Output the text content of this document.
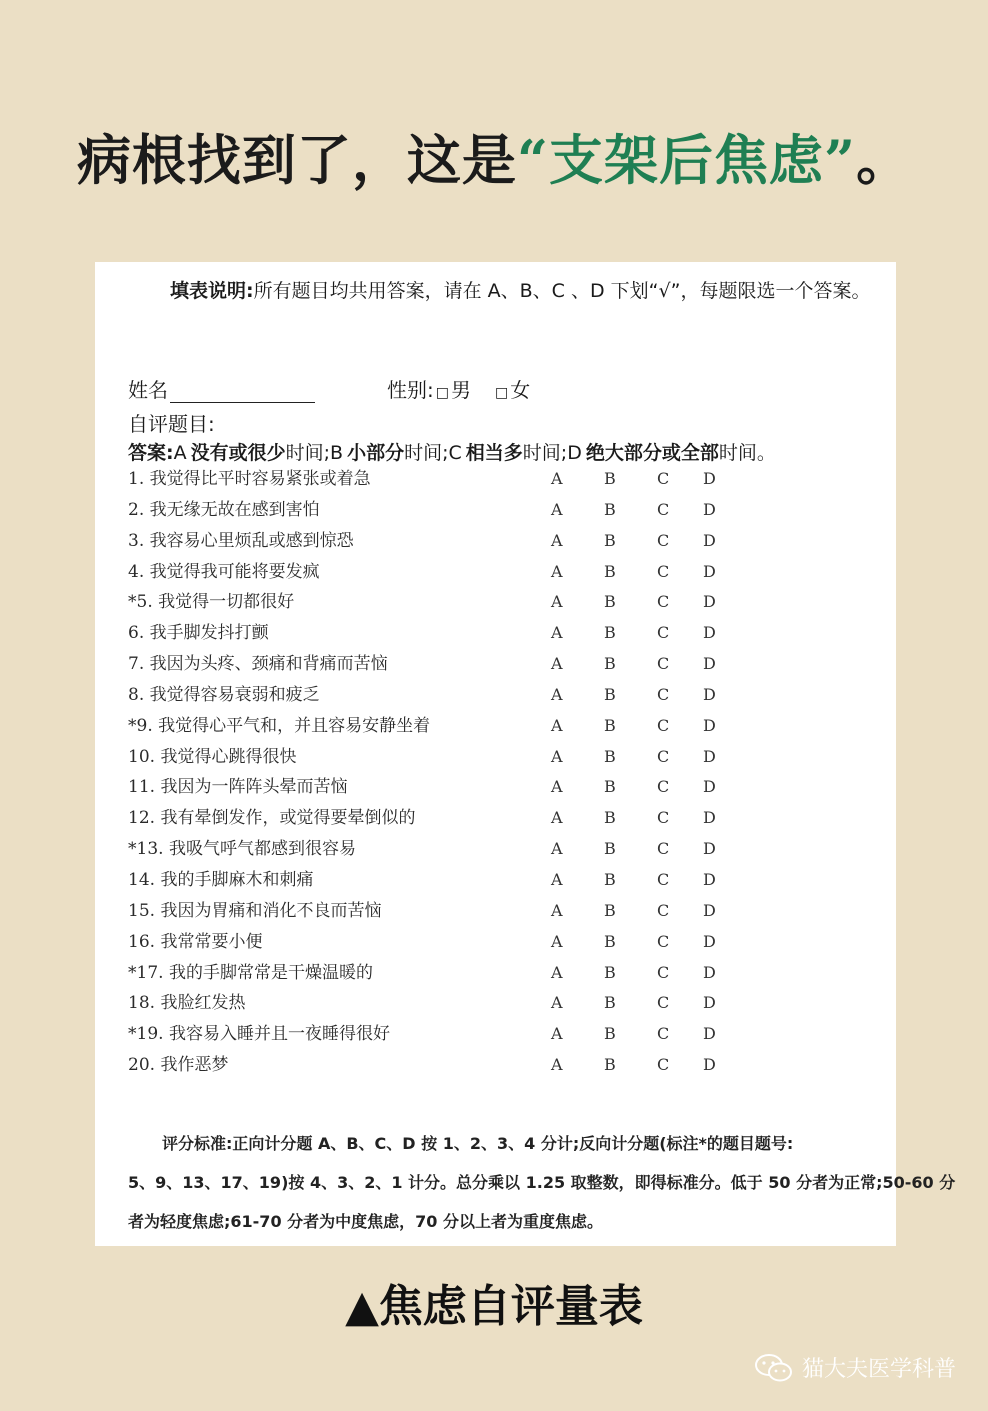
病根找到了，这是“支架后焦虑”。
填表说明:所有题目均共用答案，请在 A、B、C 、D 下划“√”，每题限选一个答案。
姓名	性别: □ 男 □ 女
自评题目:
答案:A 没有或很少时间;B 小部分时间;C 相当多时间;D 绝大部分或全部时间。
1. 我觉得比平时容易紧张或着急	A	B	C D
2. 我无缘无故在感到害怕	A	B	C D
3. 我容易心里烦乱或感到惊恐	A	B	C D
4. 我觉得我可能将要发疯	A	B	C D
*5. 我觉得一切都很好	A	B	C D
6. 我手脚发抖打颤	A	B	C D
7. 我因为头疼、颈痛和背痛而苦恼	A	B	C D
8. 我觉得容易衰弱和疲乏	A	B	C D
*9. 我觉得心平气和，并且容易安静坐着	A	B	C D
10. 我觉得心跳得很快	A	B	C D
11. 我因为一阵阵头晕而苦恼	A	B	C D
12. 我有晕倒发作，或觉得要晕倒似的	A	B	C D
*13. 我吸气呼气都感到很容易	A	B	C D
14. 我的手脚麻木和刺痛	A	B	C D
15. 我因为胃痛和消化不良而苦恼	A	B	C D
16. 我常常要小便	A	B	C D
*17. 我的手脚常常是干燥温暖的	A	B	C D
18. 我脸红发热	A	B	C D
*19. 我容易入睡并且一夜睡得很好	A	B	C D
20. 我作恶梦	A	B	C D

评分标准:正向计分题 A、B、C、D 按 1、2、3、4 分计;反向计分题(标注*的题目题号:

5、9、13、17、19)按 4、3、2、1 计分。总分乘以 1.25 取整数，即得标准分。低于 50 分者为正常;50-60 分

者为轻度焦虑;61-70 分者为中度焦虑，70 分以上者为重度焦虑。

▲焦虑自评量表
猫大夫医学科普
